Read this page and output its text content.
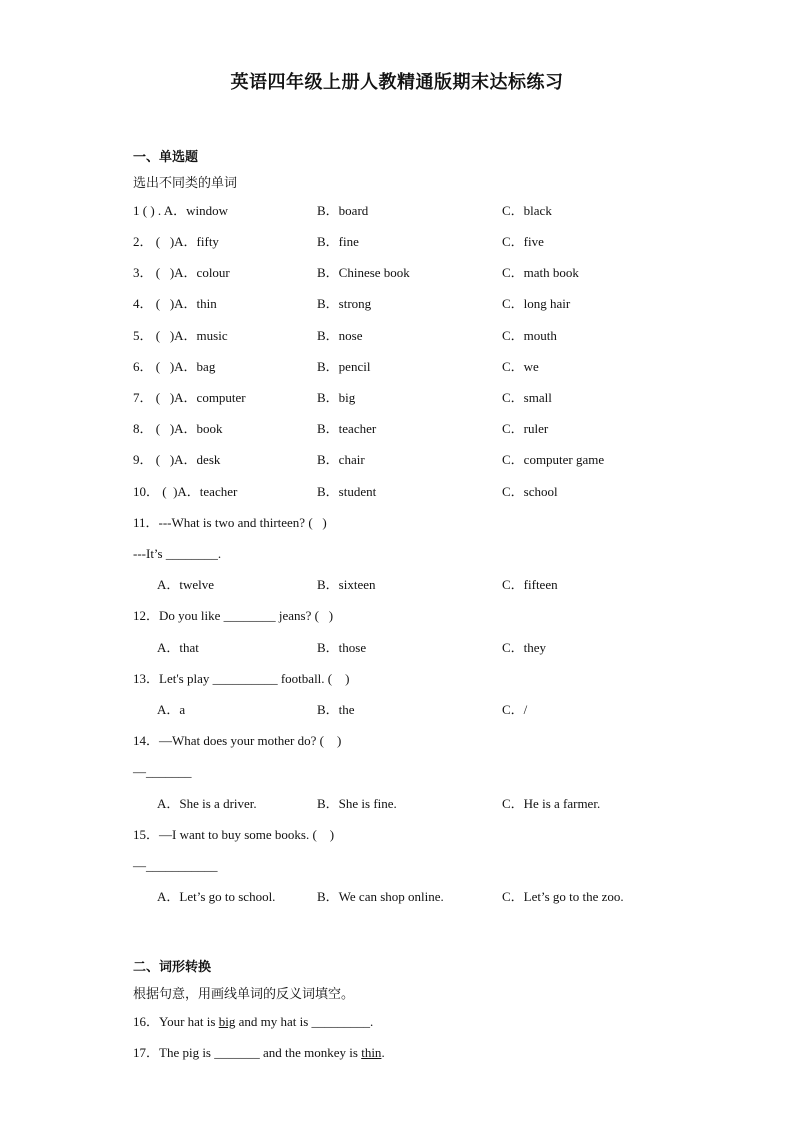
英语四年级上册人教精通版期末达标练习
一、单选题
选出不同类的单词
1 ( ) . A．window	B．board	C．black
2． (   )A．fifty	B．fine	C．five
3． (   )A．colour	B．Chinese book	C．math book
4． (   )A．thin	B．strong	C．long hair
5． (   )A．music	B．nose	C．mouth
6． (   )A．bag	B．pencil	C．we
7． (   )A．computer	B．big	C．small
8． (   )A．book	B．teacher	C．ruler
9． (   )A．desk	B．chair	C．computer game
10． (  )A．teacher	B．student	C．school
11．---What is two and thirteen? (   )
---It’s ________.
A．twelve	B．sixteen	C．fifteen
12．Do you like ________ jeans? (   )
A．that	B．those	C．they
13．Let's play __________ football. (    )
A．a	B．the	C．/
14．—What does your mother do? (    )
—_______
A．She is a driver.	B．She is fine.	C．He is a farmer.
15．—I want to buy some books. (    )
—___________
A．Let’s go to school.	B．We can shop online.	C．Let’s go to the zoo.
二、词形转换
根据句意，用画线单词的反义词填空。
16．Your hat is big and my hat is _________.
17．The pig is _______ and the monkey is thin.
